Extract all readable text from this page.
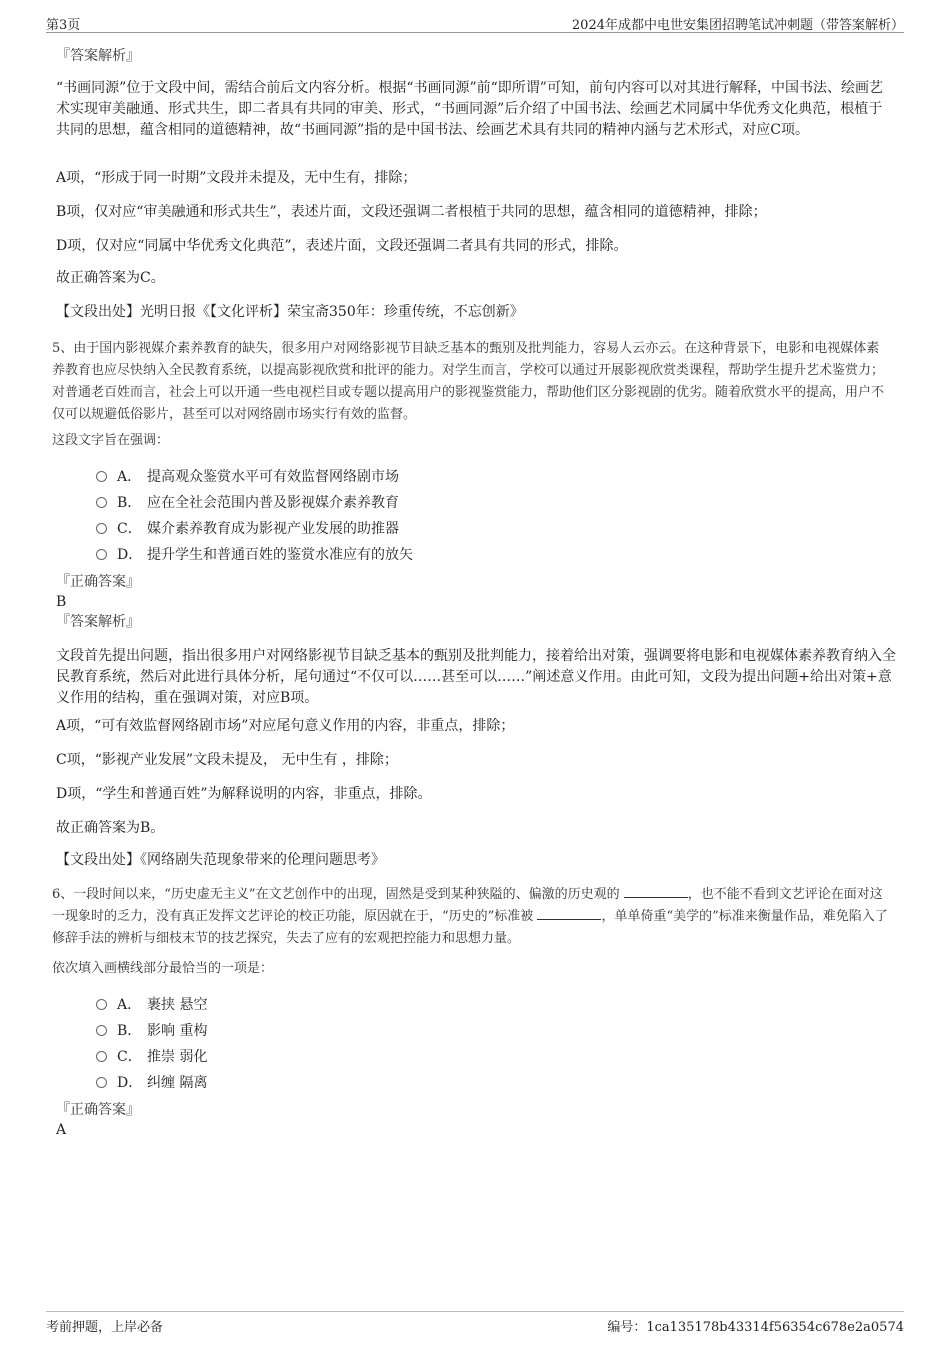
第3页	2024年成都中电世安集团招聘笔试冲刺题（带答案解析）
『答案解析』
“书画同源”位于文段中间，需结合前后文内容分析。根据“书画同源”前“即所谓”可知，前句内容可以对其进行解释，中国书法、绘画艺术实现审美融通、形式共生，即二者具有共同的审美、形式，“书画同源”后介绍了中国书法、绘画艺术同属中华优秀文化典范，根植于共同的思想，蕴含相同的道德精神，故“书画同源”指的是中国书法、绘画艺术具有共同的精神内涵与艺术形式，对应C项。
A项，“形成于同一时期”文段并未提及，无中生有，排除；
B项，仅对应“审美融通和形式共生”，表述片面，文段还强调二者根植于共同的思想，蕴含相同的道德精神，排除；
D项，仅对应“同属中华优秀文化典范”，表述片面，文段还强调二者具有共同的形式，排除。
故正确答案为C。
【文段出处】光明日报《【文化评析】荣宝斋350年：珍重传统，不忘创新》
5、由于国内影视媒介素养教育的缺失，很多用户对网络影视节目缺乏基本的甄别及批判能力，容易人云亦云。在这种背景下，电影和电视媒体素养教育也应尽快纳入全民教育系统，以提高影视欣赏和批评的能力。对学生而言，学校可以通过开展影视欣赏类课程，帮助学生提升艺术鉴赏力；对普通老百姓而言，社会上可以开通一些电视栏目或专题以提高用户的影视鉴赏能力，帮助他们区分影视剧的优劣。随着欣赏水平的提高，用户不仅可以规避低俗影片，甚至可以对网络剧市场实行有效的监督。
这段文字旨在强调：
A． 提高观众鉴赏水平可有效监督网络剧市场
B． 应在全社会范围内普及影视媒介素养教育
C． 媒介素养教育成为影视产业发展的助推器
D． 提升学生和普通百姓的鉴赏水准应有的放矢
『正确答案』
B
『答案解析』
文段首先提出问题，指出很多用户对网络影视节目缺乏基本的甄别及批判能力，接着给出对策，强调要将电影和电视媒体素养教育纳入全民教育系统，然后对此进行具体分析，尾句通过“不仅可以……甚至可以……”阐述意义作用。由此可知，文段为提出问题+给出对策+意义作用的结构，重在强调对策，对应B项。
A项，“可有效监督网络剧市场”对应尾句意义作用的内容，非重点，排除；
C项，“影视产业发展”文段未提及， 无中生有 ，排除；
D项，“学生和普通百姓”为解释说明的内容，非重点，排除。
故正确答案为B。
【文段出处】《网络剧失范现象带来的伦理问题思考》
6、一段时间以来，“历史虚无主义”在文艺创作中的出现，固然是受到某种狭隘的、偏激的历史观的	，也不能不看到文艺评论在面对这一现象时的乏力，没有真正发挥文艺评论的校正功能，原因就在于，“历史的”标准被	，单单倚重“美学的”标准来衡量作品，难免陷入了修辞手法的辨析与细枝末节的技艺探究，失去了应有的宏观把控能力和思想力量。
依次填入画横线部分最恰当的一项是：
A． 裹挟 悬空
B． 影响 重构
C． 推崇 弱化
D． 纠缠 隔离
『正确答案』
A
考前押题，上岸必备	编号：1ca135178b43314f56354c678e2a0574
